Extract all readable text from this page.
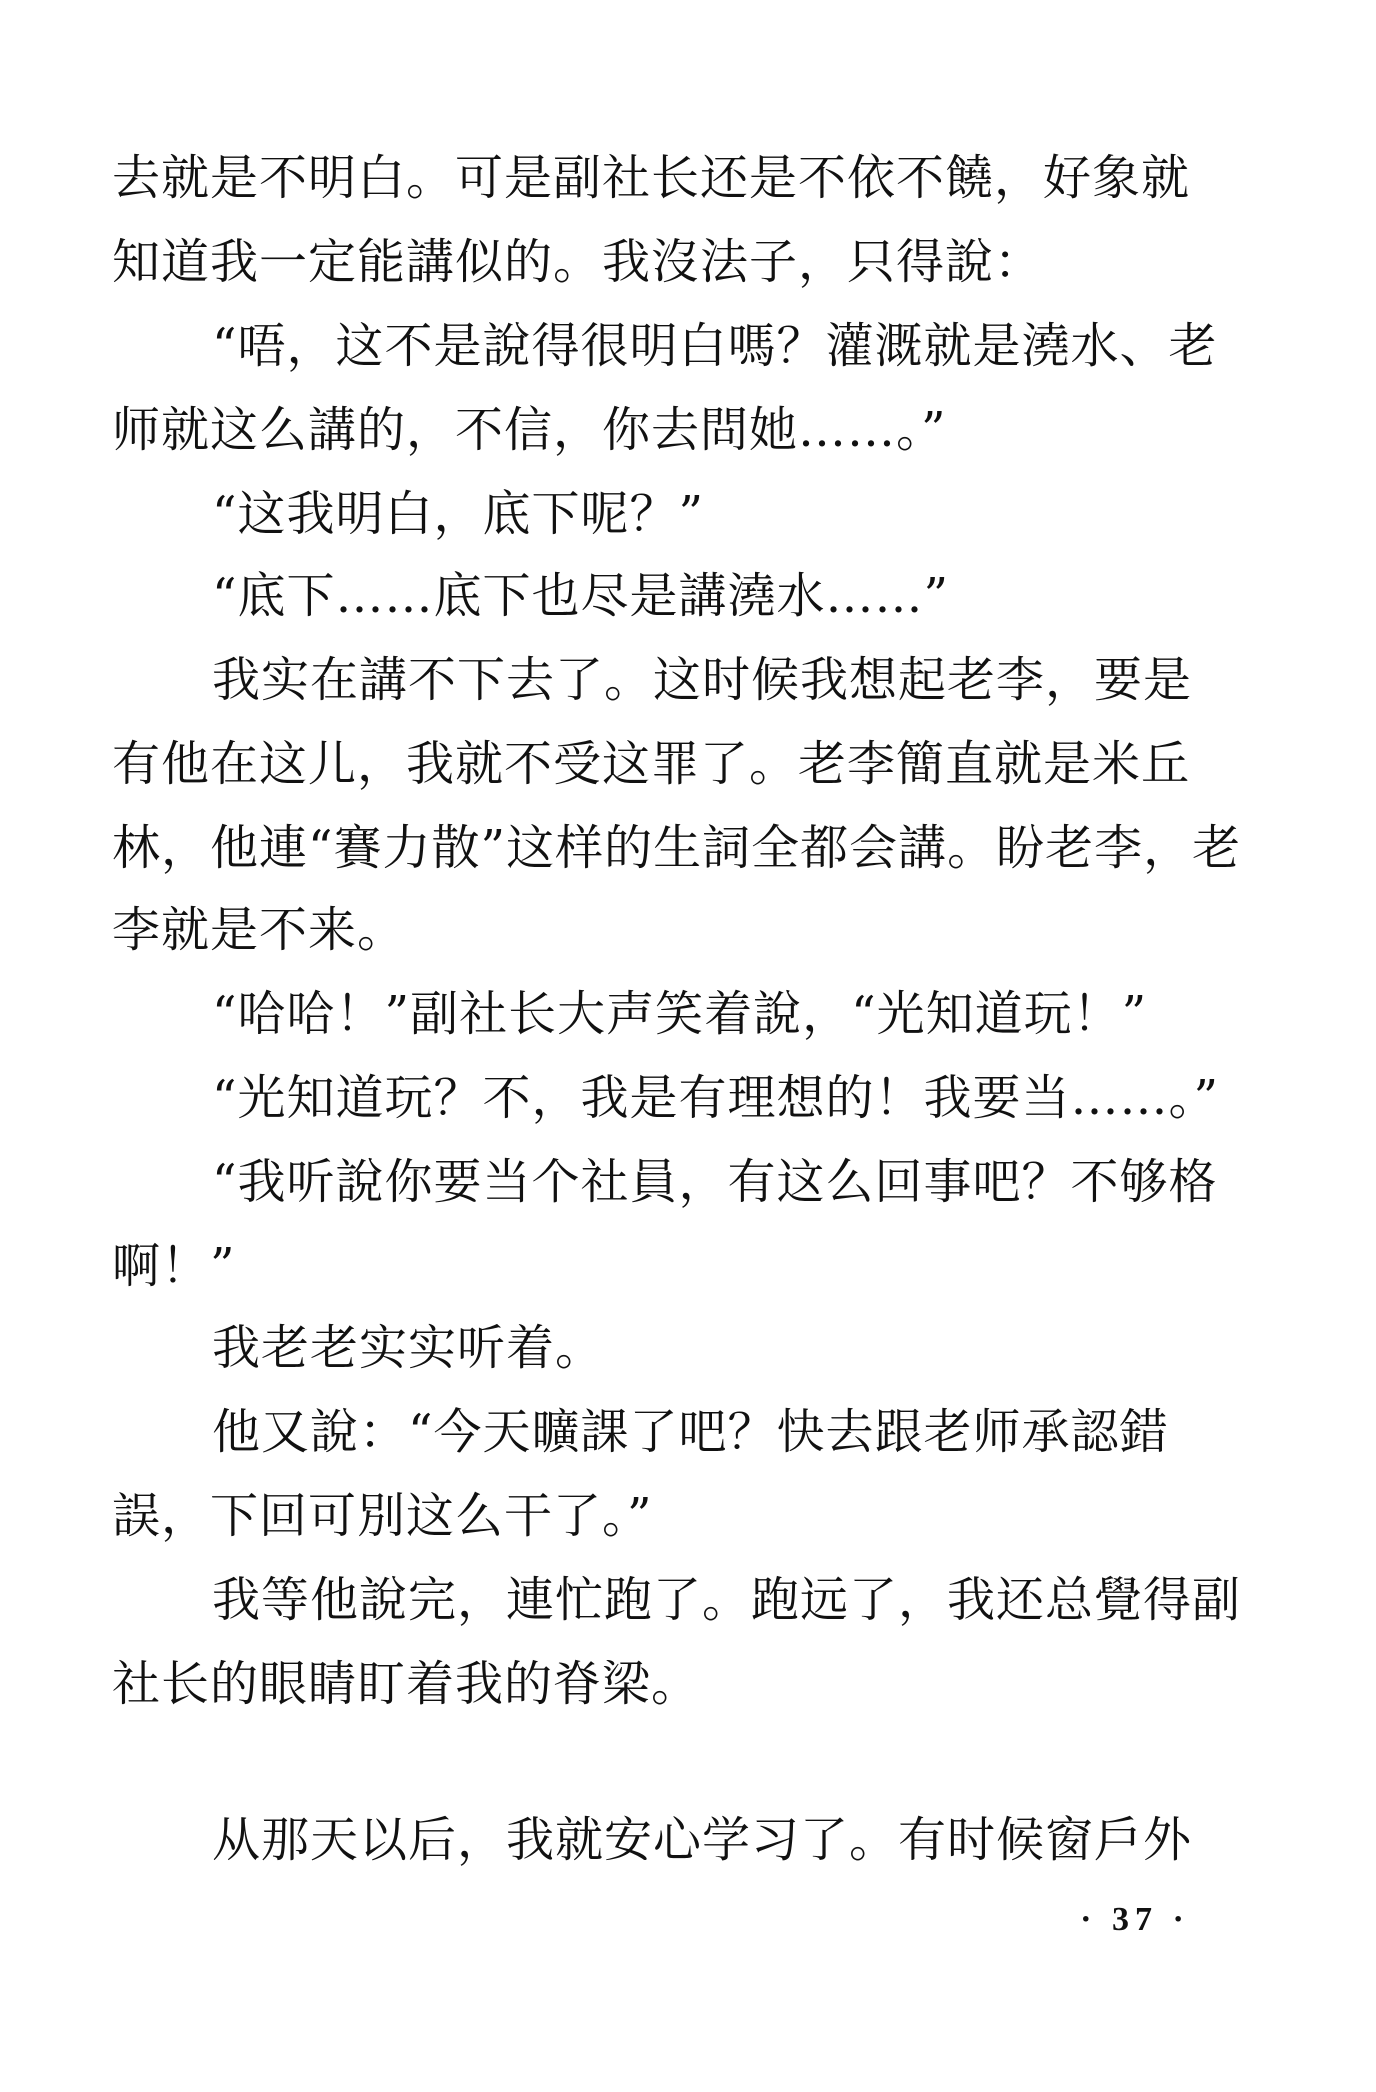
去就是不明白。可是副社长还是不依不饒，好象就
知道我一定能講似的。我沒法子，只得說：
“唔，这不是說得很明白嗎？灌溉就是澆水、老
师就这么講的，不信，你去問她……。”
“这我明白，底下呢？”
“底下……底下也尽是講澆水……”
我实在講不下去了。这时候我想起老李，要是
有他在这儿，我就不受这罪了。老李簡直就是米丘
林，他連“賽力散”这样的生詞全都会講。盼老李，老
李就是不来。
“哈哈！”副社长大声笑着說，“光知道玩！”
“光知道玩？不，我是有理想的！我要当……。”
“我听說你要当个社員，有这么回事吧？不够格
啊！”
我老老实实听着。
他又說：“今天曠課了吧？快去跟老师承認錯
誤，下回可別这么干了。”
我等他說完，連忙跑了。跑远了，我还总覺得副
社长的眼睛盯着我的脊梁。
从那天以后，我就安心学习了。有时候窗戶外
· 37 ·
